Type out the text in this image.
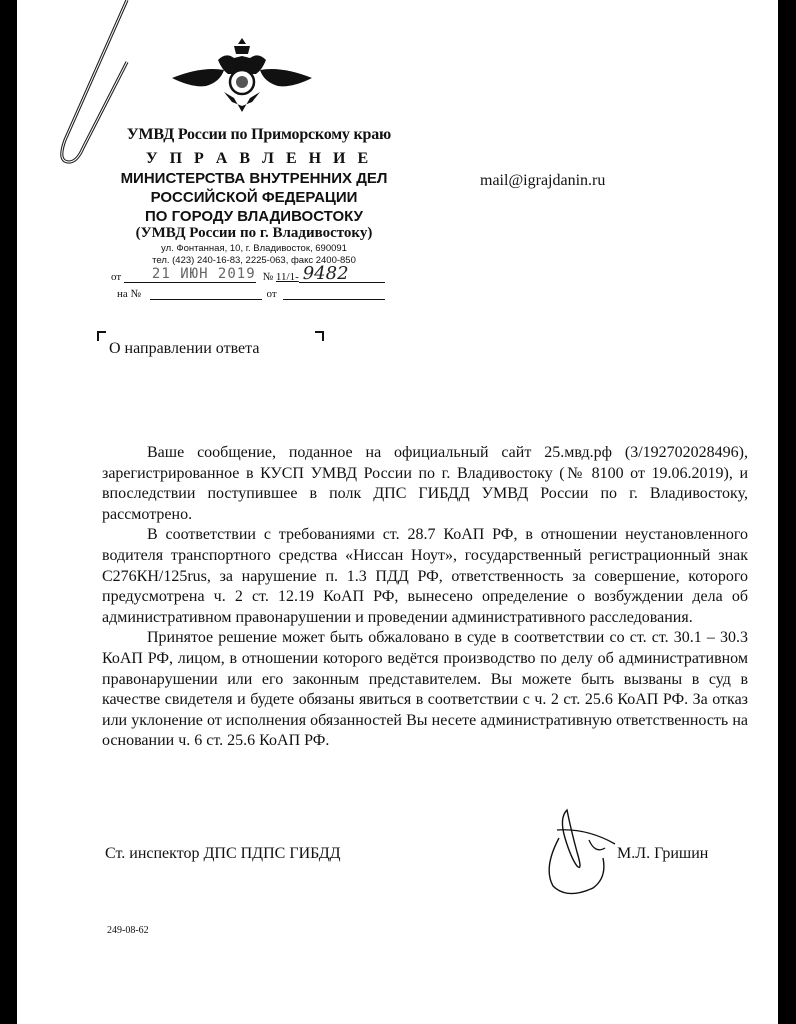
УМВД России по Приморскому краю
У П Р А В Л Е Н И Е
МИНИСТЕРСТВА ВНУТРЕННИХ ДЕЛ
РОССИЙСКОЙ ФЕДЕРАЦИИ
ПО ГОРОДУ ВЛАДИВОСТОКУ
(УМВД России по г. Владивостоку)
ул. Фонтанная, 10, г. Владивосток, 690091
тел. (423) 240-16-83, 2225-063, факс 2400-850
от 21 ИЮН 2019 № 11/1- 9482
на №	от
mail@igrajdanin.ru
О направлении ответа

Ваше сообщение, поданное на официальный сайт 25.мвд.рф (3/192702028496), зарегистрированное в КУСП УМВД России по г. Владивостоку (№ 8100 от 19.06.2019), и впоследствии поступившее в полк ДПС ГИБДД УМВД России по г. Владивостоку, рассмотрено.

В соответствии с требованиями ст. 28.7 КоАП РФ, в отношении неустановленного водителя транспортного средства «Ниссан Ноут», государственный регистрационный знак С276КН/125rus, за нарушение п. 1.3 ПДД РФ, ответственность за совершение, которого предусмотрена ч. 2 ст. 12.19 КоАП РФ, вынесено определение о возбуждении дела об административном правонарушении и проведении административного расследования.

Принятое решение может быть обжаловано в суде в соответствии со ст. ст. 30.1 – 30.3 КоАП РФ, лицом, в отношении которого ведётся производство по делу об административном правонарушении или его законным представителем. Вы можете быть вызваны в суд в качестве свидетеля и будете обязаны явиться в соответствии с ч. 2 ст. 25.6 КоАП РФ. За отказ или уклонение от исполнения обязанностей Вы несете административную ответственность на основании ч. 6 ст. 25.6 КоАП РФ.

Ст. инспектор ДПС ПДПС ГИБДД	М.Л. Гришин
249-08-62
